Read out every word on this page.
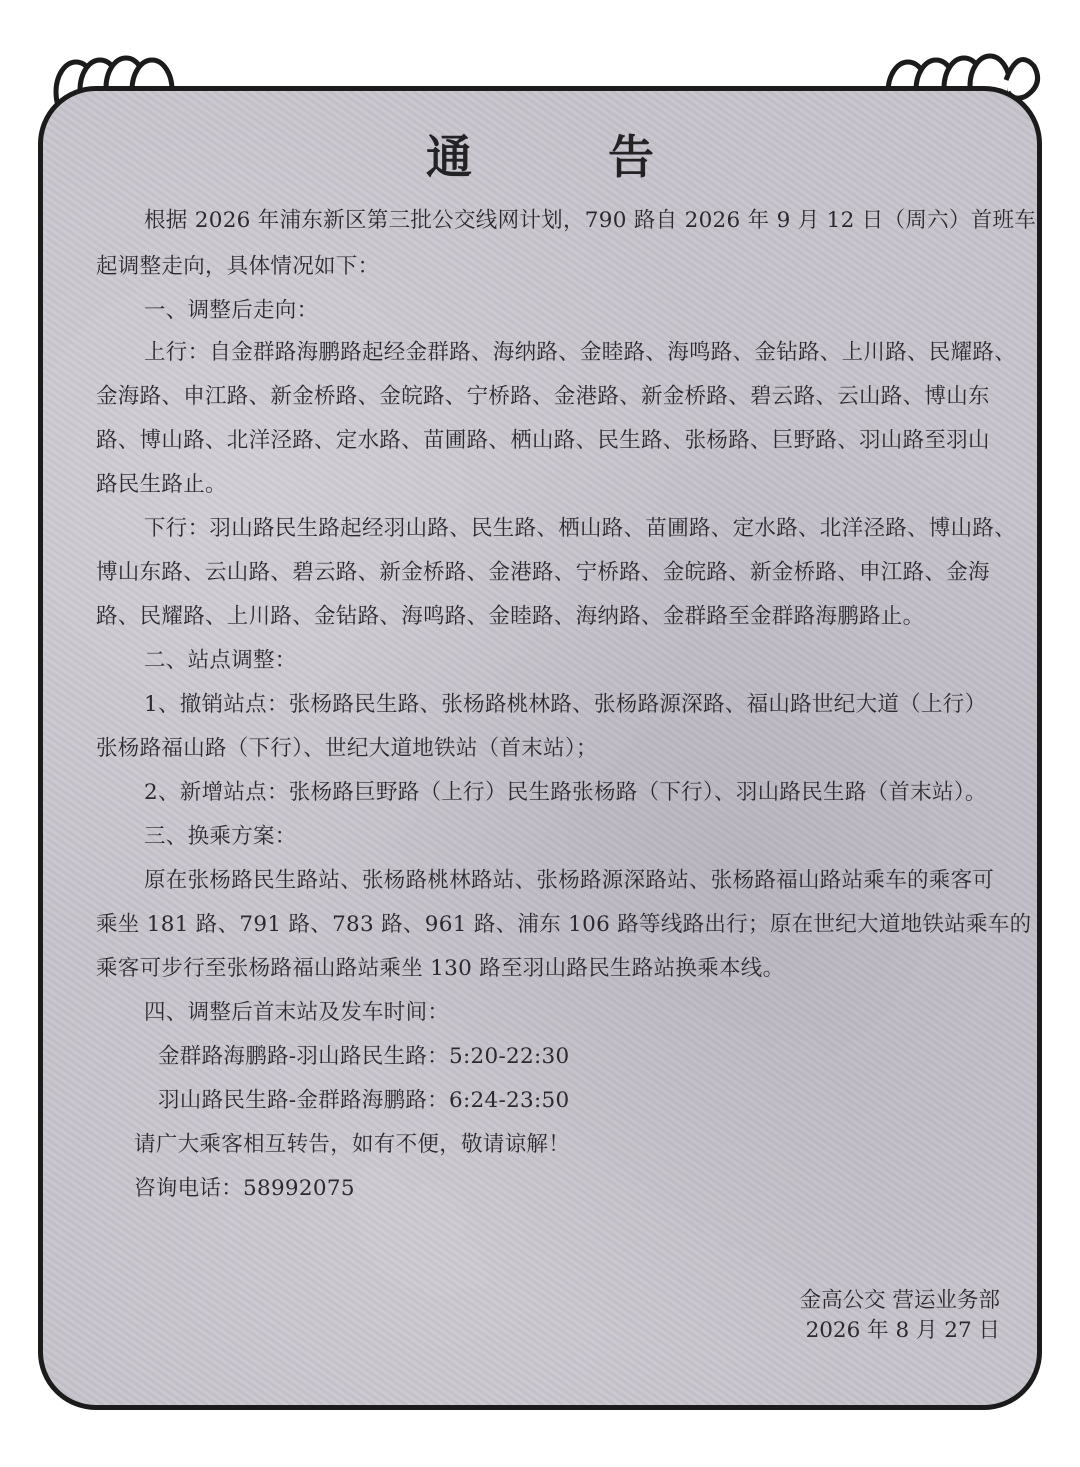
通 告
根据 2026 年浦东新区第三批公交线网计划，790 路自 2026 年 9 月 12 日（周六）首班车
起调整走向，具体情况如下：
一、调整后走向：
上行：自金群路海鹏路起经金群路、海纳路、金睦路、海鸣路、金钻路、上川路、民耀路、
金海路、申江路、新金桥路、金皖路、宁桥路、金港路、新金桥路、碧云路、云山路、博山东
路、博山路、北洋泾路、定水路、苗圃路、栖山路、民生路、张杨路、巨野路、羽山路至羽山
路民生路止。
下行：羽山路民生路起经羽山路、民生路、栖山路、苗圃路、定水路、北洋泾路、博山路、
博山东路、云山路、碧云路、新金桥路、金港路、宁桥路、金皖路、新金桥路、申江路、金海
路、民耀路、上川路、金钻路、海鸣路、金睦路、海纳路、金群路至金群路海鹏路止。
二、站点调整：
1、撤销站点：张杨路民生路、张杨路桃林路、张杨路源深路、福山路世纪大道（上行）
张杨路福山路（下行）、世纪大道地铁站（首末站）；
2、新增站点：张杨路巨野路（上行）民生路张杨路（下行）、羽山路民生路（首末站）。
三、换乘方案：
原在张杨路民生路站、张杨路桃林路站、张杨路源深路站、张杨路福山路站乘车的乘客可
乘坐 181 路、791 路、783 路、961 路、浦东 106 路等线路出行；原在世纪大道地铁站乘车的
乘客可步行至张杨路福山路站乘坐 130 路至羽山路民生路站换乘本线。
四、调整后首末站及发车时间：
金群路海鹏路-羽山路民生路：5:20-22:30
羽山路民生路-金群路海鹏路：6:24-23:50
请广大乘客相互转告，如有不便，敬请谅解！
咨询电话：58992075
金高公交 营运业务部
2026 年 8 月 27 日
